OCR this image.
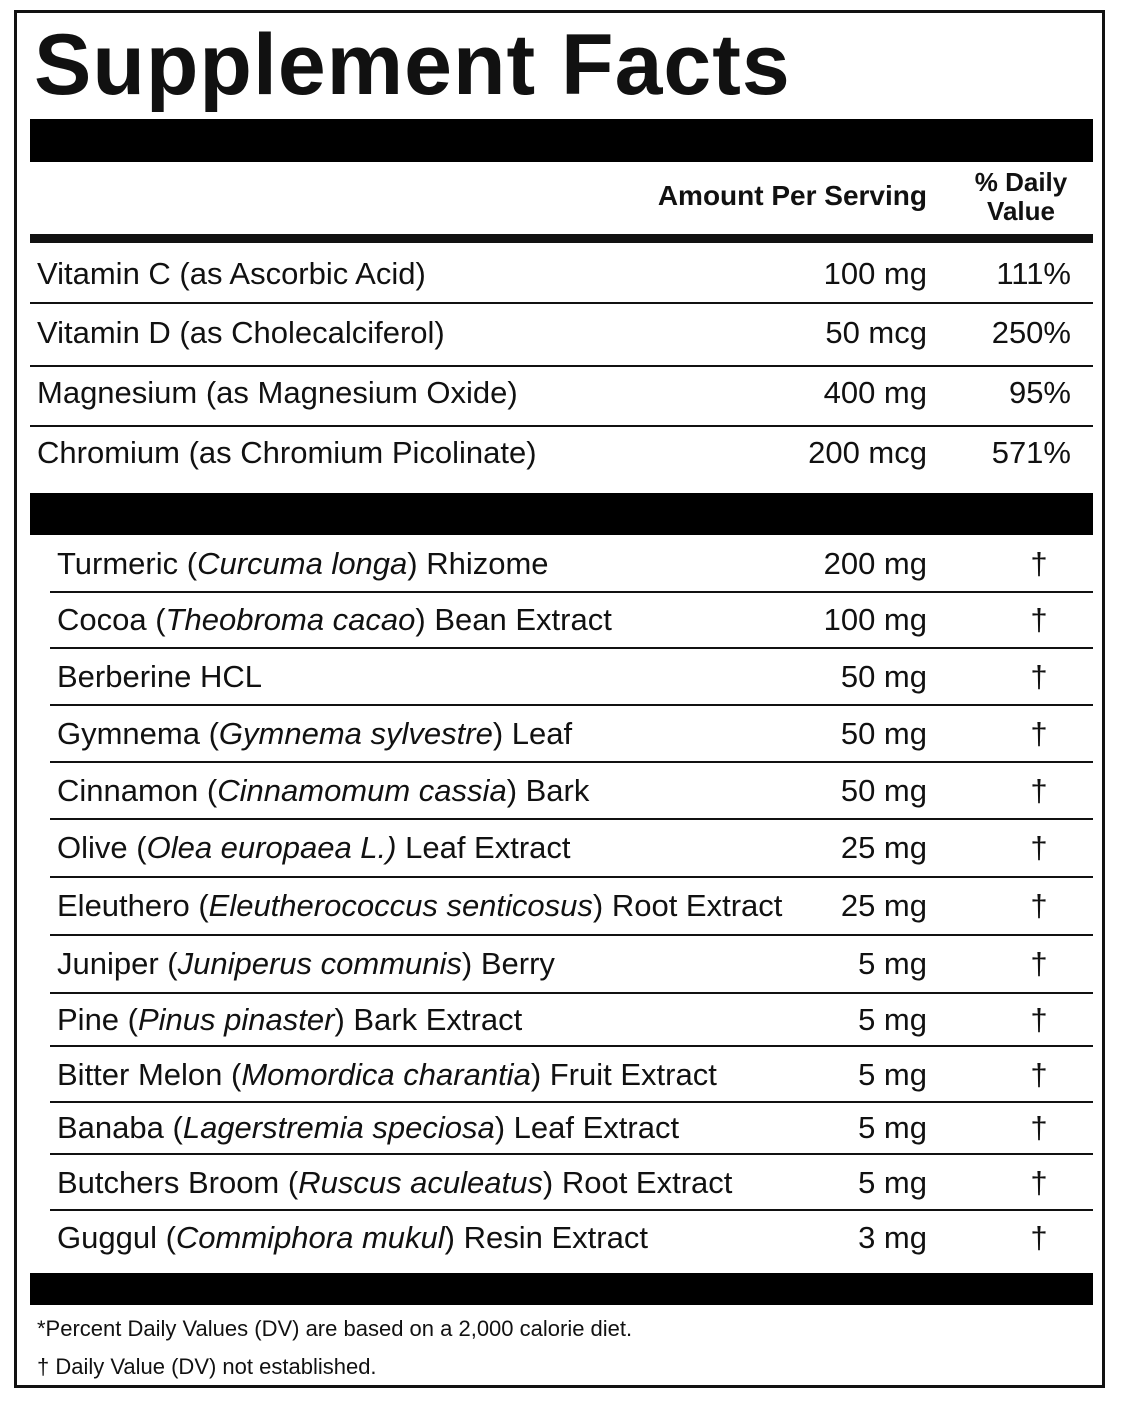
Supplement Facts
Amount Per Serving	% Daily
Value
Vitamin C (as Ascorbic Acid)	100 mg 111%
Vitamin D (as Cholecalciferol)	50 mcg 250%
Magnesium (as Magnesium Oxide)	400 mg	95%
Chromium (as Chromium Picolinate)	200 mcg 571%
Turmeric (Curcuma longa) Rhizome	200 mg	†
Cocoa (Theobroma cacao) Bean Extract	100 mg	†
Berberine HCL	50 mg	†
Gymnema (Gymnema sylvestre) Leaf	50 mg	†
Cinnamon (Cinnamomum cassia) Bark	50 mg	†
Olive (Olea europaea L.) Leaf Extract	25 mg	†
Eleuthero (Eleutherococcus senticosus) Root Extract 25 mg	†
Juniper (Juniperus communis) Berry	5 mg	†
Pine (Pinus pinaster) Bark Extract	5 mg	†
Bitter Melon (Momordica charantia) Fruit Extract	5 mg	†
Banaba (Lagerstremia speciosa) Leaf Extract	5 mg	†
Butchers Broom (Ruscus aculeatus) Root Extract	5 mg	†
Guggul (Commiphora mukul) Resin Extract	3 mg	†
*Percent Daily Values (DV) are based on a 2,000 calorie diet.
† Daily Value (DV) not established.
